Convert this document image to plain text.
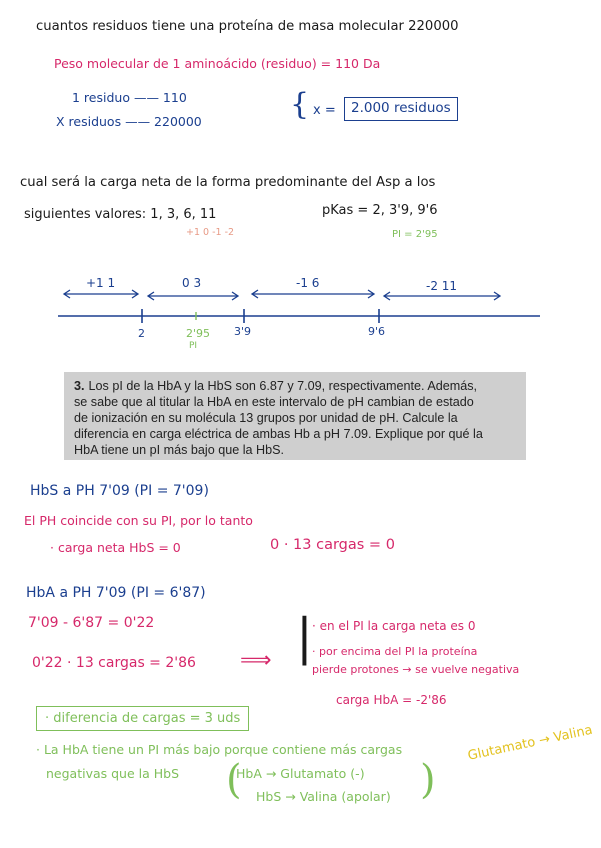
cuantos residuos tiene una proteína de masa molecular 220000
Peso molecular de 1 aminoácido (residuo) = 110 Da
1 residuo —— 110
X residuos —— 220000	{ x =	2.000 residuos
cual será la carga neta de la forma predominante del Asp a los
siguientes valores: 1, 3, 6, 11	pKas = 2, 3'9, 9'6
+1 0 -1 -2	PI = 2'95
+1 1	0 3	-1 6	-2 11
2	3'9	9'6
2'95
PI
3. Los pI de la HbA y la HbS son 6.87 y 7.09, respectivamente. Además,
se sabe que al titular la HbA en este intervalo de pH cambian de estado
de ionización en su molécula 13 grupos por unidad de pH. Calcule la
diferencia en carga eléctrica de ambas Hb a pH 7.09. Explique por qué la
HbA tiene un pI más bajo que la HbS.
HbS a PH 7'09 (PI = 7'09)
El PH coincide con su PI, por lo tanto
· carga neta HbS = 0	0 · 13 cargas = 0
HbA a PH 7'09 (PI = 6'87)
7'09 - 6'87 = 0'22
0'22 · 13 cargas = 2'86 ⟹ | · en el PI la carga neta es 0
· por encima del PI la proteína
pierde protones → se vuelve negativa
carga HbA = -2'86
· diferencia de cargas = 3 uds
· La HbA tiene un PI más bajo porque contiene más cargas
negativas que la HbS (
HbA → Glutamato (-)
HbS → Valina (apolar) )
Glutamato → Valina
